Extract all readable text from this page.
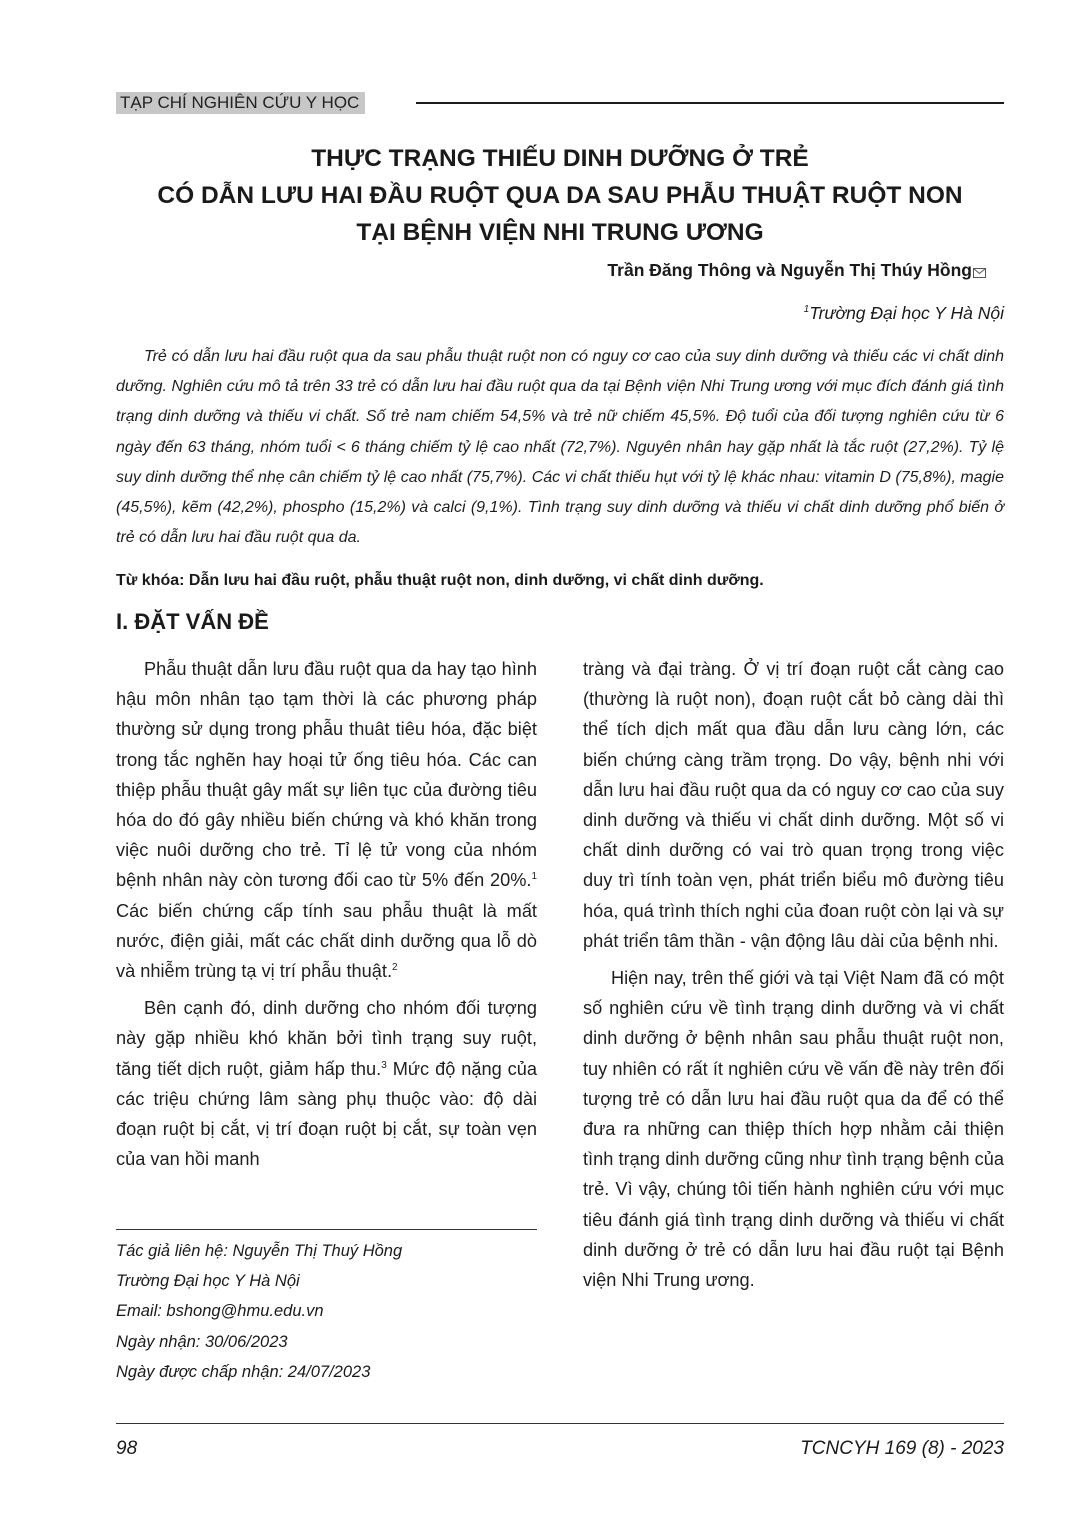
TẠP CHÍ NGHIÊN CỨU Y HỌC
THỰC TRẠNG THIẾU DINH DƯỠNG Ở TRẺ
CÓ DẪN LƯU HAI ĐẦU RUỘT QUA DA SAU PHẪU THUẬT RUỘT NON
TẠI BỆNH VIỆN NHI TRUNG ƯƠNG
Trần Đăng Thông và Nguyễn Thị Thúy Hồng
$^1$Trường Đại học Y Hà Nội

Trẻ có dẫn lưu hai đầu ruột qua da sau phẫu thuật ruột non có nguy cơ cao của suy dinh dưỡng và thiếu các vi chất dinh dưỡng. Nghiên cứu mô tả trên 33 trẻ có dẫn lưu hai đầu ruột qua da tại Bệnh viện Nhi Trung ương với mục đích đánh giá tình trạng dinh dưỡng và thiếu vi chất. Số trẻ nam chiếm 54,5% và trẻ nữ chiếm 45,5%. Độ tuổi của đối tượng nghiên cứu từ 6 ngày đến 63 tháng, nhóm tuổi < 6 tháng chiếm tỷ lệ cao nhất (72,7%). Nguyên nhân hay gặp nhất là tắc ruột (27,2%). Tỷ lệ suy dinh dưỡng thể nhẹ cân chiếm tỷ lệ cao nhất (75,7%). Các vi chất thiếu hụt với tỷ lệ khác nhau: vitamin D (75,8%), magie (45,5%), kẽm (42,2%), phospho (15,2%) và calci (9,1%). Tình trạng suy dinh dưỡng và thiếu vi chất dinh dưỡng phổ biến ở trẻ có dẫn lưu hai đầu ruột qua da.

Từ khóa: Dẫn lưu hai đầu ruột, phẫu thuật ruột non, dinh dưỡng, vi chất dinh dưỡng.

I. ĐẶT VẤN ĐỀ

Phẫu thuật dẫn lưu đầu ruột qua da hay tạo hình hậu môn nhân tạo tạm thời là các phương pháp thường sử dụng trong phẫu thuât tiêu hóa, đặc biệt trong tắc nghẽn hay hoại tử ống tiêu hóa. Các can thiệp phẫu thuật gây mất sự liên tục của đường tiêu hóa do đó gây nhiều biến chứng và khó khăn trong việc nuôi dưỡng cho trẻ. Tỉ lệ tử vong của nhóm bệnh nhân này còn tương đối cao từ 5% đến 20%.$^1$ Các biến chứng cấp tính sau phẫu thuật là mất nước, điện giải, mất các chất dinh dưỡng qua lỗ dò và nhiễm trùng tạ vị trí phẫu thuật.$^2$

Bên cạnh đó, dinh dưỡng cho nhóm đối tượng này gặp nhiều khó khăn bởi tình trạng suy ruột, tăng tiết dịch ruột, giảm hấp thu.$^3$ Mức độ nặng của các triệu chứng lâm sàng phụ thuộc vào: độ dài đoạn ruột bị cắt, vị trí đoạn ruột bị cắt, sự toàn vẹn của van hồi manh

tràng và đại tràng. Ở vị trí đoạn ruột cắt càng cao (thường là ruột non), đoạn ruột cắt bỏ càng dài thì thể tích dịch mất qua đầu dẫn lưu càng lớn, các biến chứng càng trầm trọng. Do vậy, bệnh nhi với dẫn lưu hai đầu ruột qua da có nguy cơ cao của suy dinh dưỡng và thiếu vi chất dinh dưỡng. Một số vi chất dinh dưỡng có vai trò quan trọng trong việc duy trì tính toàn vẹn, phát triển biểu mô đường tiêu hóa, quá trình thích nghi của đoan ruột còn lại và sự phát triển tâm thần - vận động lâu dài của bệnh nhi.

Hiện nay, trên thế giới và tại Việt Nam đã có một số nghiên cứu về tình trạng dinh dưỡng và vi chất dinh dưỡng ở bệnh nhân sau phẫu thuật ruột non, tuy nhiên có rất ít nghiên cứu về vấn đề này trên đối tượng trẻ có dẫn lưu hai đầu ruột qua da để có thể đưa ra những can thiệp thích hợp nhằm cải thiện tình trạng dinh dưỡng cũng như tình trạng bệnh của trẻ. Vì vậy, chúng tôi tiến hành nghiên cứu với mục tiêu đánh giá tình trạng dinh dưỡng và thiếu vi chất dinh dưỡng ở trẻ có dẫn lưu hai đầu ruột tại Bệnh viện Nhi Trung ương.

Tác giả liên hệ: Nguyễn Thị Thuý Hồng
Trường Đại học Y Hà Nội
Email: bshong@hmu.edu.vn
Ngày nhận: 30/06/2023
Ngày được chấp nhận: 24/07/2023
98	TCNCYH 169 (8) - 2023
